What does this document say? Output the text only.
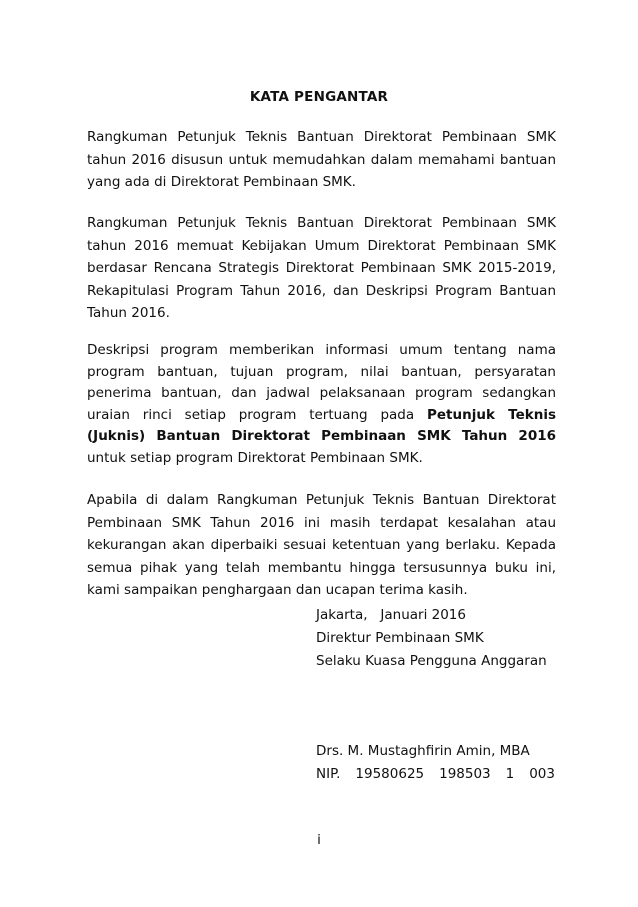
KATA PENGANTAR

Rangkuman Petunjuk Teknis Bantuan Direktorat Pembinaan SMK tahun 2016 disusun untuk memudahkan dalam memahami bantuan yang ada di Direktorat Pembinaan SMK.

Rangkuman Petunjuk Teknis Bantuan Direktorat Pembinaan SMK tahun 2016 memuat Kebijakan Umum Direktorat Pembinaan SMK berdasar Rencana Strategis Direktorat Pembinaan SMK 2015-2019, Rekapitulasi Program Tahun 2016, dan Deskripsi Program Bantuan Tahun 2016.

Deskripsi program memberikan informasi umum tentang nama program bantuan, tujuan program, nilai bantuan, persyaratan penerima bantuan, dan jadwal pelaksanaan program sedangkan uraian rinci setiap program tertuang pada Petunjuk Teknis (Juknis) Bantuan Direktorat Pembinaan SMK Tahun 2016 untuk setiap program Direktorat Pembinaan SMK.

Apabila di dalam Rangkuman Petunjuk Teknis Bantuan Direktorat Pembinaan SMK Tahun 2016 ini masih terdapat kesalahan atau kekurangan akan diperbaiki sesuai ketentuan yang berlaku. Kepada semua pihak yang telah membantu hingga tersusunnya buku ini, kami sampaikan penghargaan dan ucapan terima kasih.

Jakarta,   Januari 2016
Direktur Pembinaan SMK
Selaku Kuasa Pengguna Anggaran
Drs. M. Mustaghfirin Amin, MBA
NIP. 19580625 198503 1 003
i
